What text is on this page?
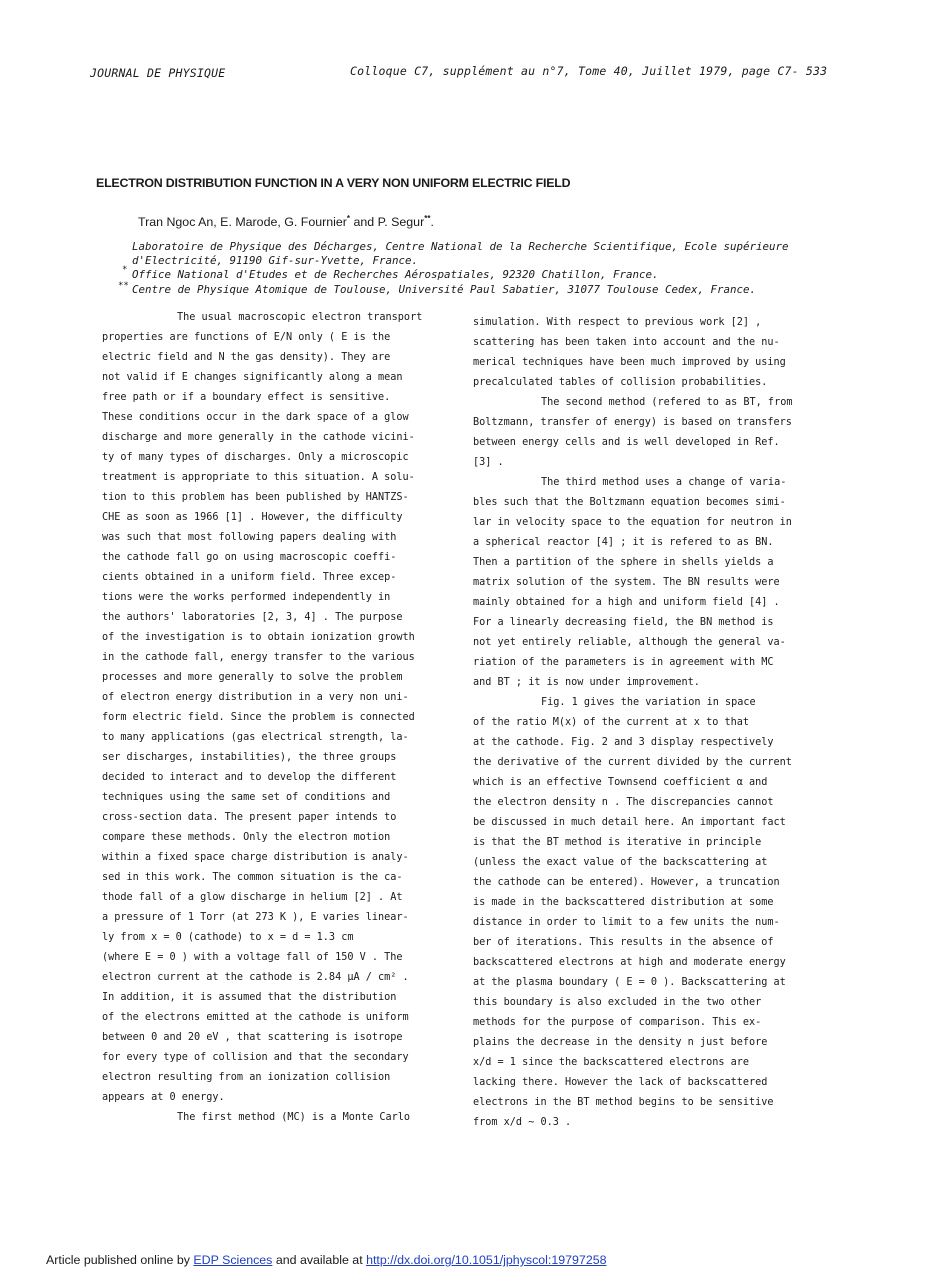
JOURNAL DE PHYSIQUE	Colloque C7, supplément au n°7, Tome 40, Juillet 1979, page C7- 533
ELECTRON DISTRIBUTION FUNCTION IN A VERY NON UNIFORM ELECTRIC FIELD
Tran Ngoc An, E. Marode, G. Fournier* and P. Segur**.
Laboratoire de Physique des Décharges, Centre National de la Recherche Scientifique, Ecole supérieure
d'Electricité, 91190 Gif-sur-Yvette, France.
* Office National d'Etudes et de Recherches Aérospatiales, 92320 Chatillon, France.
** Centre de Physique Atomique de Toulouse, Université Paul Sabatier, 31077 Toulouse Cedex, France.

The usual macroscopic electron transport

properties are functions of E/N only ( E is the

electric field and N the gas density). They are

not valid if E changes significantly along a mean

free path or if a boundary effect is sensitive.

These conditions occur in the dark space of a glow

discharge and more generally in the cathode vicini-

ty of many types of discharges. Only a microscopic

treatment is appropriate to this situation. A solu-

tion to this problem has been published by HANTZS-

CHE as soon as 1966 [1] . However, the difficulty

was such that most following papers dealing with

the cathode fall go on using macroscopic coeffi-

cients obtained in a uniform field. Three excep-

tions were the works performed independently in

the authors' laboratories [2, 3, 4] . The purpose

of the investigation is to obtain ionization growth

in the cathode fall, energy transfer to the various

processes and more generally to solve the problem

of electron energy distribution in a very non uni-

form electric field. Since the problem is connected

to many applications (gas electrical strength, la-

ser discharges, instabilities), the three groups

decided to interact and to develop the different

techniques using the same set of conditions and

cross-section data. The present paper intends to

compare these methods. Only the electron motion

within a fixed space charge distribution is analy-

sed in this work. The common situation is the ca-

thode fall of a glow discharge in helium [2] . At

a pressure of 1 Torr (at 273 K ), E varies linear-

ly from x = 0 (cathode) to x = d = 1.3 cm

(where E = 0 ) with a voltage fall of 150 V . The

electron current at the cathode is 2.84 μA / cm² .

In addition, it is assumed that the distribution

of the electrons emitted at the cathode is uniform

between 0 and 20 eV , that scattering is isotrope

for every type of collision and that the secondary

electron resulting from an ionization collision

appears at 0 energy.

The first method (MC) is a Monte Carlo

simulation. With respect to previous work [2] ,

scattering has been taken into account and the nu-

merical techniques have been much improved by using

precalculated tables of collision probabilities.

The second method (refered to as BT, from

Boltzmann, transfer of energy) is based on transfers

between energy cells and is well developed in Ref.

[3] .

The third method uses a change of varia-

bles such that the Boltzmann equation becomes simi-

lar in velocity space to the equation for neutron in

a spherical reactor [4] ; it is refered to as BN.

Then a partition of the sphere in shells yields a

matrix solution of the system. The BN results were

mainly obtained for a high and uniform field [4] .

For a linearly decreasing field, the BN method is

not yet entirely reliable, although the general va-

riation of the parameters is in agreement with MC

and BT ; it is now under improvement.

Fig. 1 gives the variation in space

of the ratio M(x) of the current at x to that

at the cathode. Fig. 2 and 3 display respectively

the derivative of the current divided by the current

which is an effective Townsend coefficient α and

the electron density n . The discrepancies cannot

be discussed in much detail here. An important fact

is that the BT method is iterative in principle

(unless the exact value of the backscattering at

the cathode can be entered). However, a truncation

is made in the backscattered distribution at some

distance in order to limit to a few units the num-

ber of iterations. This results in the absence of

backscattered electrons at high and moderate energy

at the plasma boundary ( E = 0 ). Backscattering at

this boundary is also excluded in the two other

methods for the purpose of comparison. This ex-

plains the decrease in the density n just before

x/d = 1 since the backscattered electrons are

lacking there. However the lack of backscattered

electrons in the BT method begins to be sensitive

from x/d ~ 0.3 .

Article published online by EDP Sciences and available at http://dx.doi.org/10.1051/jphyscol:19797258
